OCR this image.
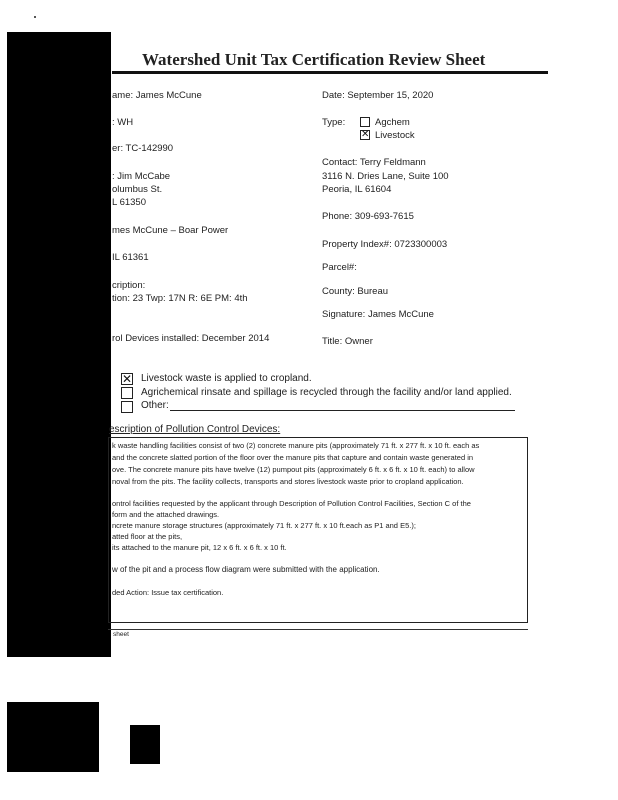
Watershed Unit Tax Certification Review Sheet
ame: James McCune
: WH
er: TC-142990
: Jim McCabe
olumbus St.
L 61350
mes McCune – Boar Power
IL 61361
cription:
tion: 23 Twp: 17N R: 6E PM: 4th
rol Devices installed: December 2014
Date: September 15, 2020
Type:	Agchem
✕ Livestock
Contact: Terry Feldmann
3116 N. Dries Lane, Suite 100
Peoria, IL 61604
Phone: 309-693-7615
Property Index#: 0723300003
Parcel#:
County: Bureau
Signature: James McCune
Title: Owner
✕ Livestock waste is applied to cropland.
Agrichemical rinsate and spillage is recycled through the facility and/or land applied.
Other:
escription of Pollution Control Devices:
k waste handling facilities consist of two (2) concrete manure pits (approximately 71 ft. x 277 ft. x 10 ft. each as
and the concrete slatted portion of the floor over the manure pits that capture and contain waste generated in
ove. The concrete manure pits have twelve (12) pumpout pits (approximately 6 ft. x 6 ft. x 10 ft. each) to allow
noval from the pits. The facility collects, transports and stores livestock waste prior to cropland application.
ontrol facilities requested by the applicant through Description of Pollution Control Facilities, Section C of the
form and the attached drawings.
ncrete manure storage structures (approximately 71 ft. x 277 ft. x 10 ft.each as P1 and E5.);
atted floor at the pits,
its attached to the manure pit, 12 x 6 ft. x 6 ft. x 10 ft.
w of the pit and a process flow diagram were submitted with the application.
ded Action: Issue tax certification.
sheet
